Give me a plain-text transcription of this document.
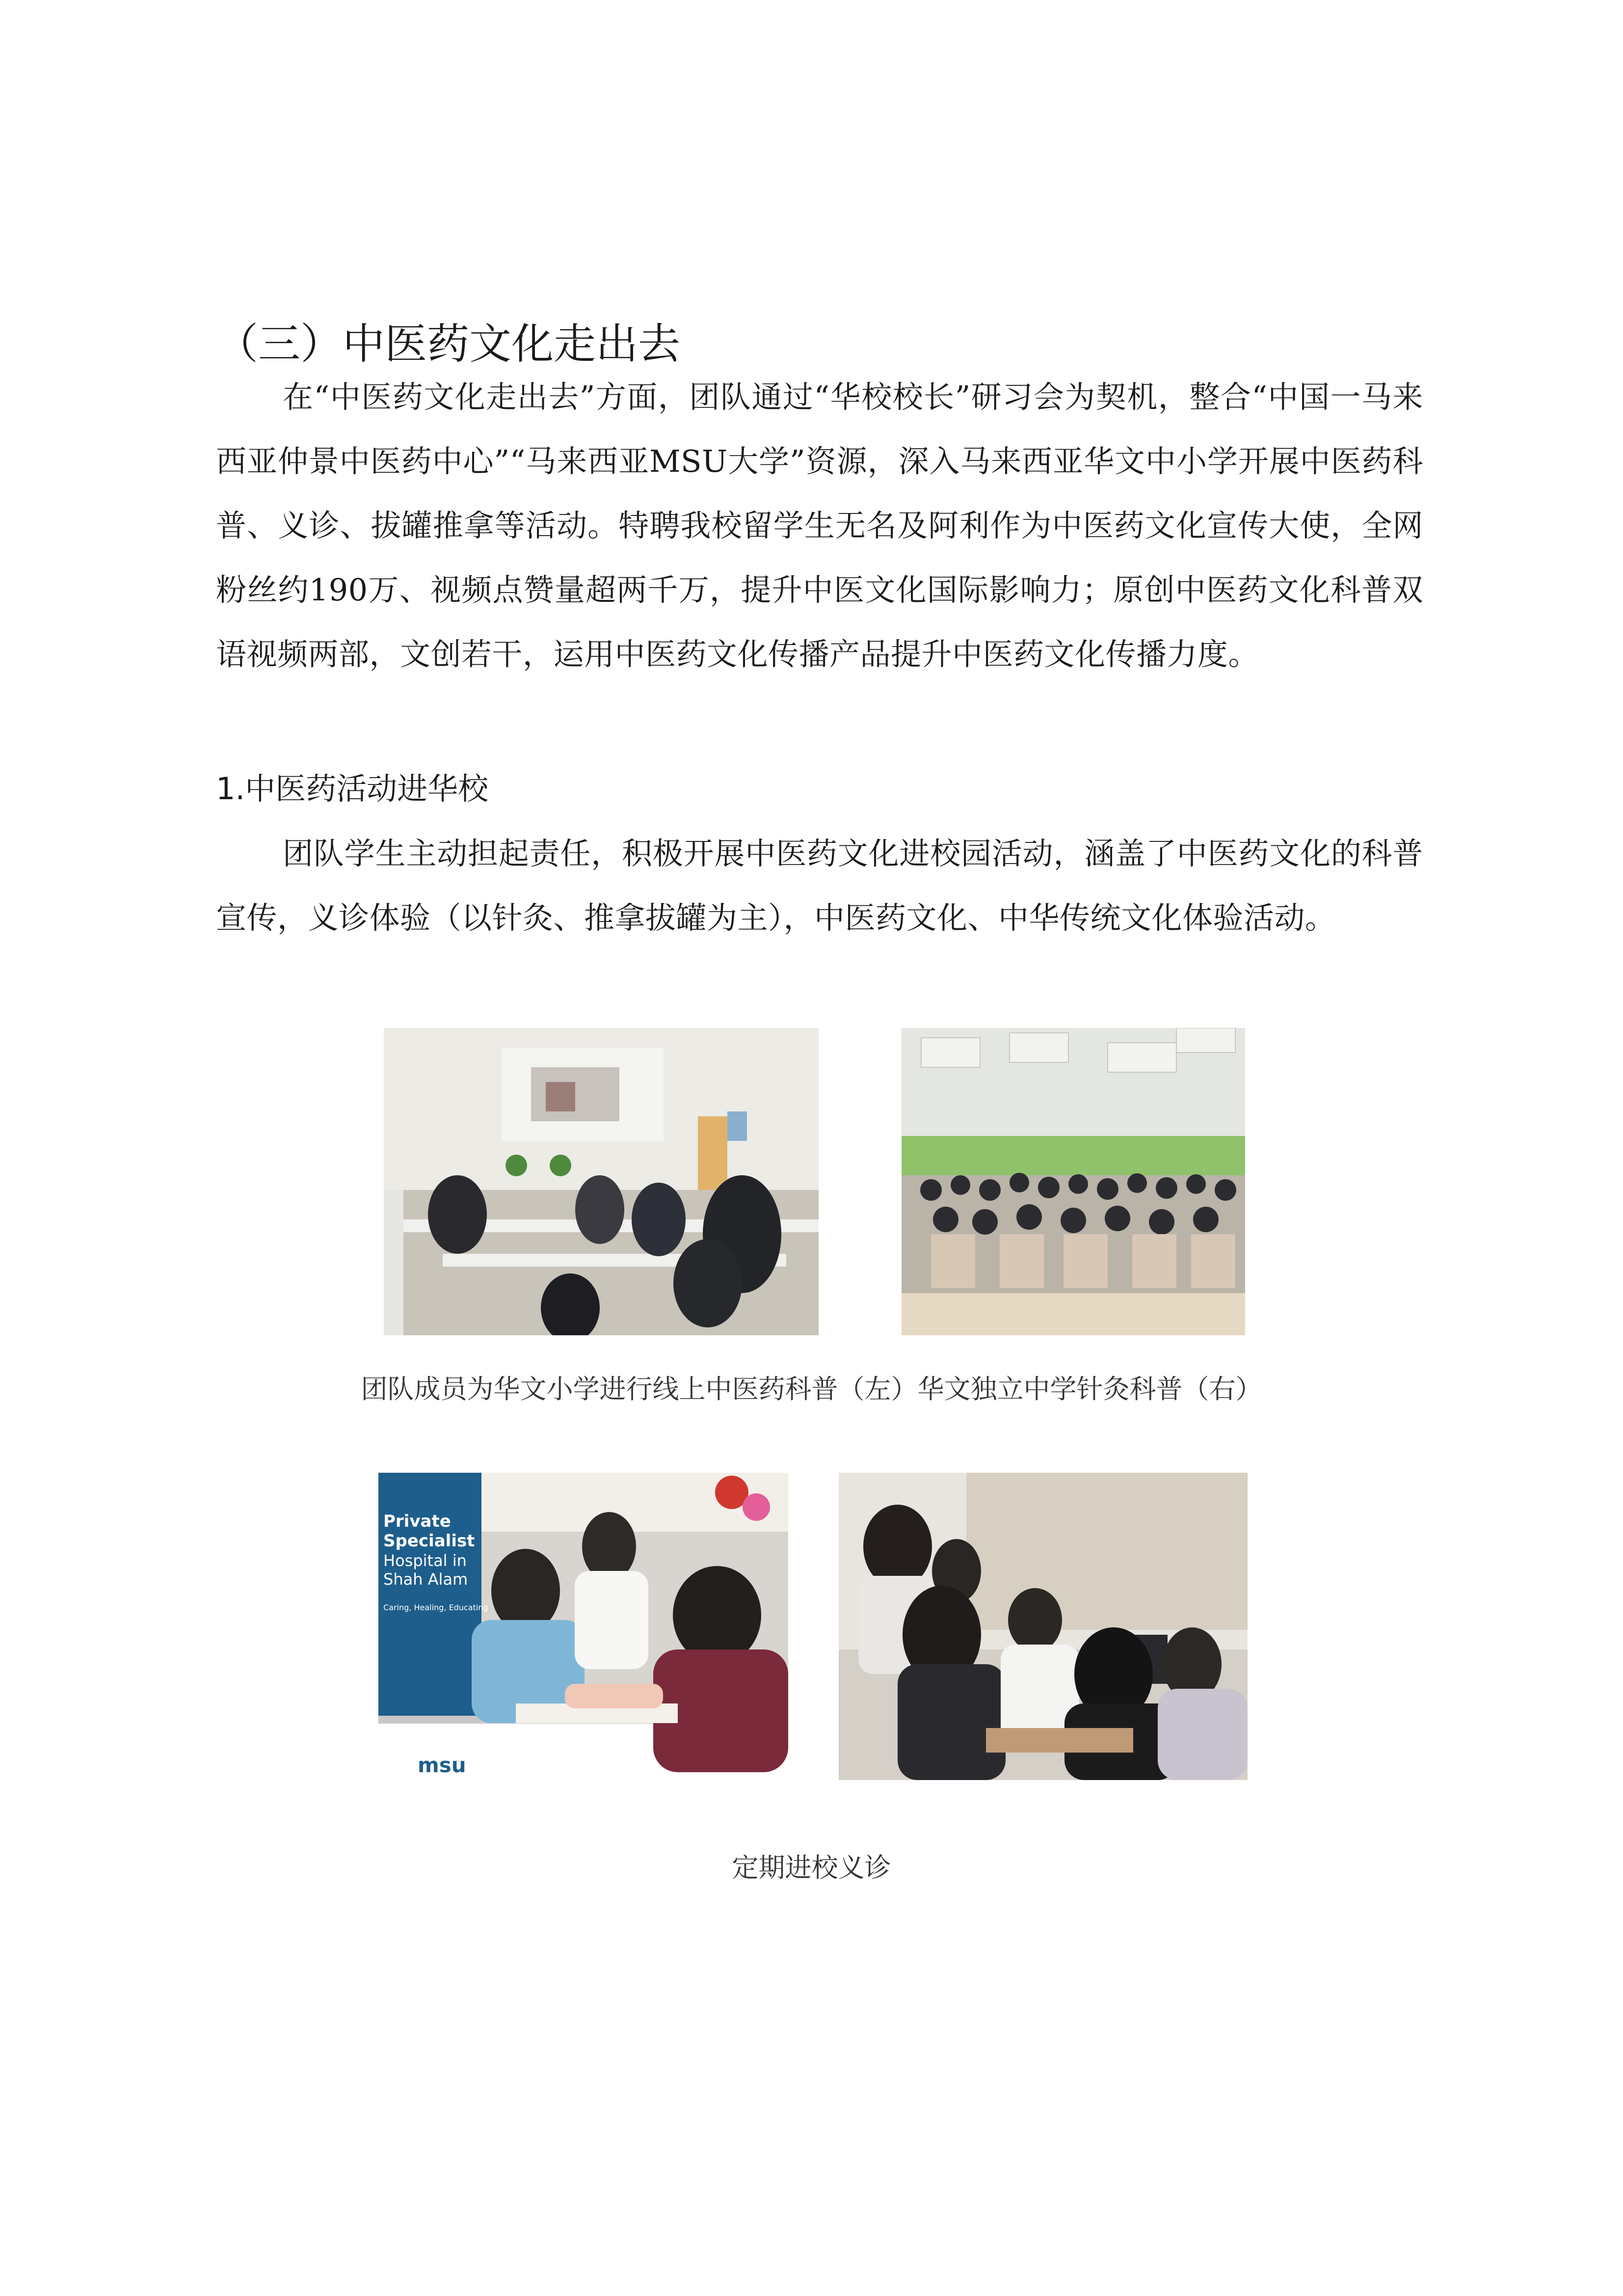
（三）中医药文化走出去

在“中医药文化走出去”方面，团队通过“华校校长”研习会为契机，整合“中国一马来西亚仲景中医药中心”“马来西亚MSU大学”资源，深入马来西亚华文中小学开展中医药科普、义诊、拔罐推拿等活动。特聘我校留学生无名及阿利作为中医药文化宣传大使，全网粉丝约190万、视频点赞量超两千万，提升中医文化国际影响力；原创中医药文化科普双语视频两部，文创若干，运用中医药文化传播产品提升中医药文化传播力度。

1.中医药活动进华校

团队学生主动担起责任，积极开展中医药文化进校园活动，涵盖了中医药文化的科普宣传，义诊体验（以针灸、推拿拔罐为主），中医药文化、中华传统文化体验活动。

Private
Specialist
Hospital in
Shah Alam
Caring, Healing, Educating
msu
团队成员为华文小学进行线上中医药科普（左）华文独立中学针灸科普（右）
定期进校义诊
